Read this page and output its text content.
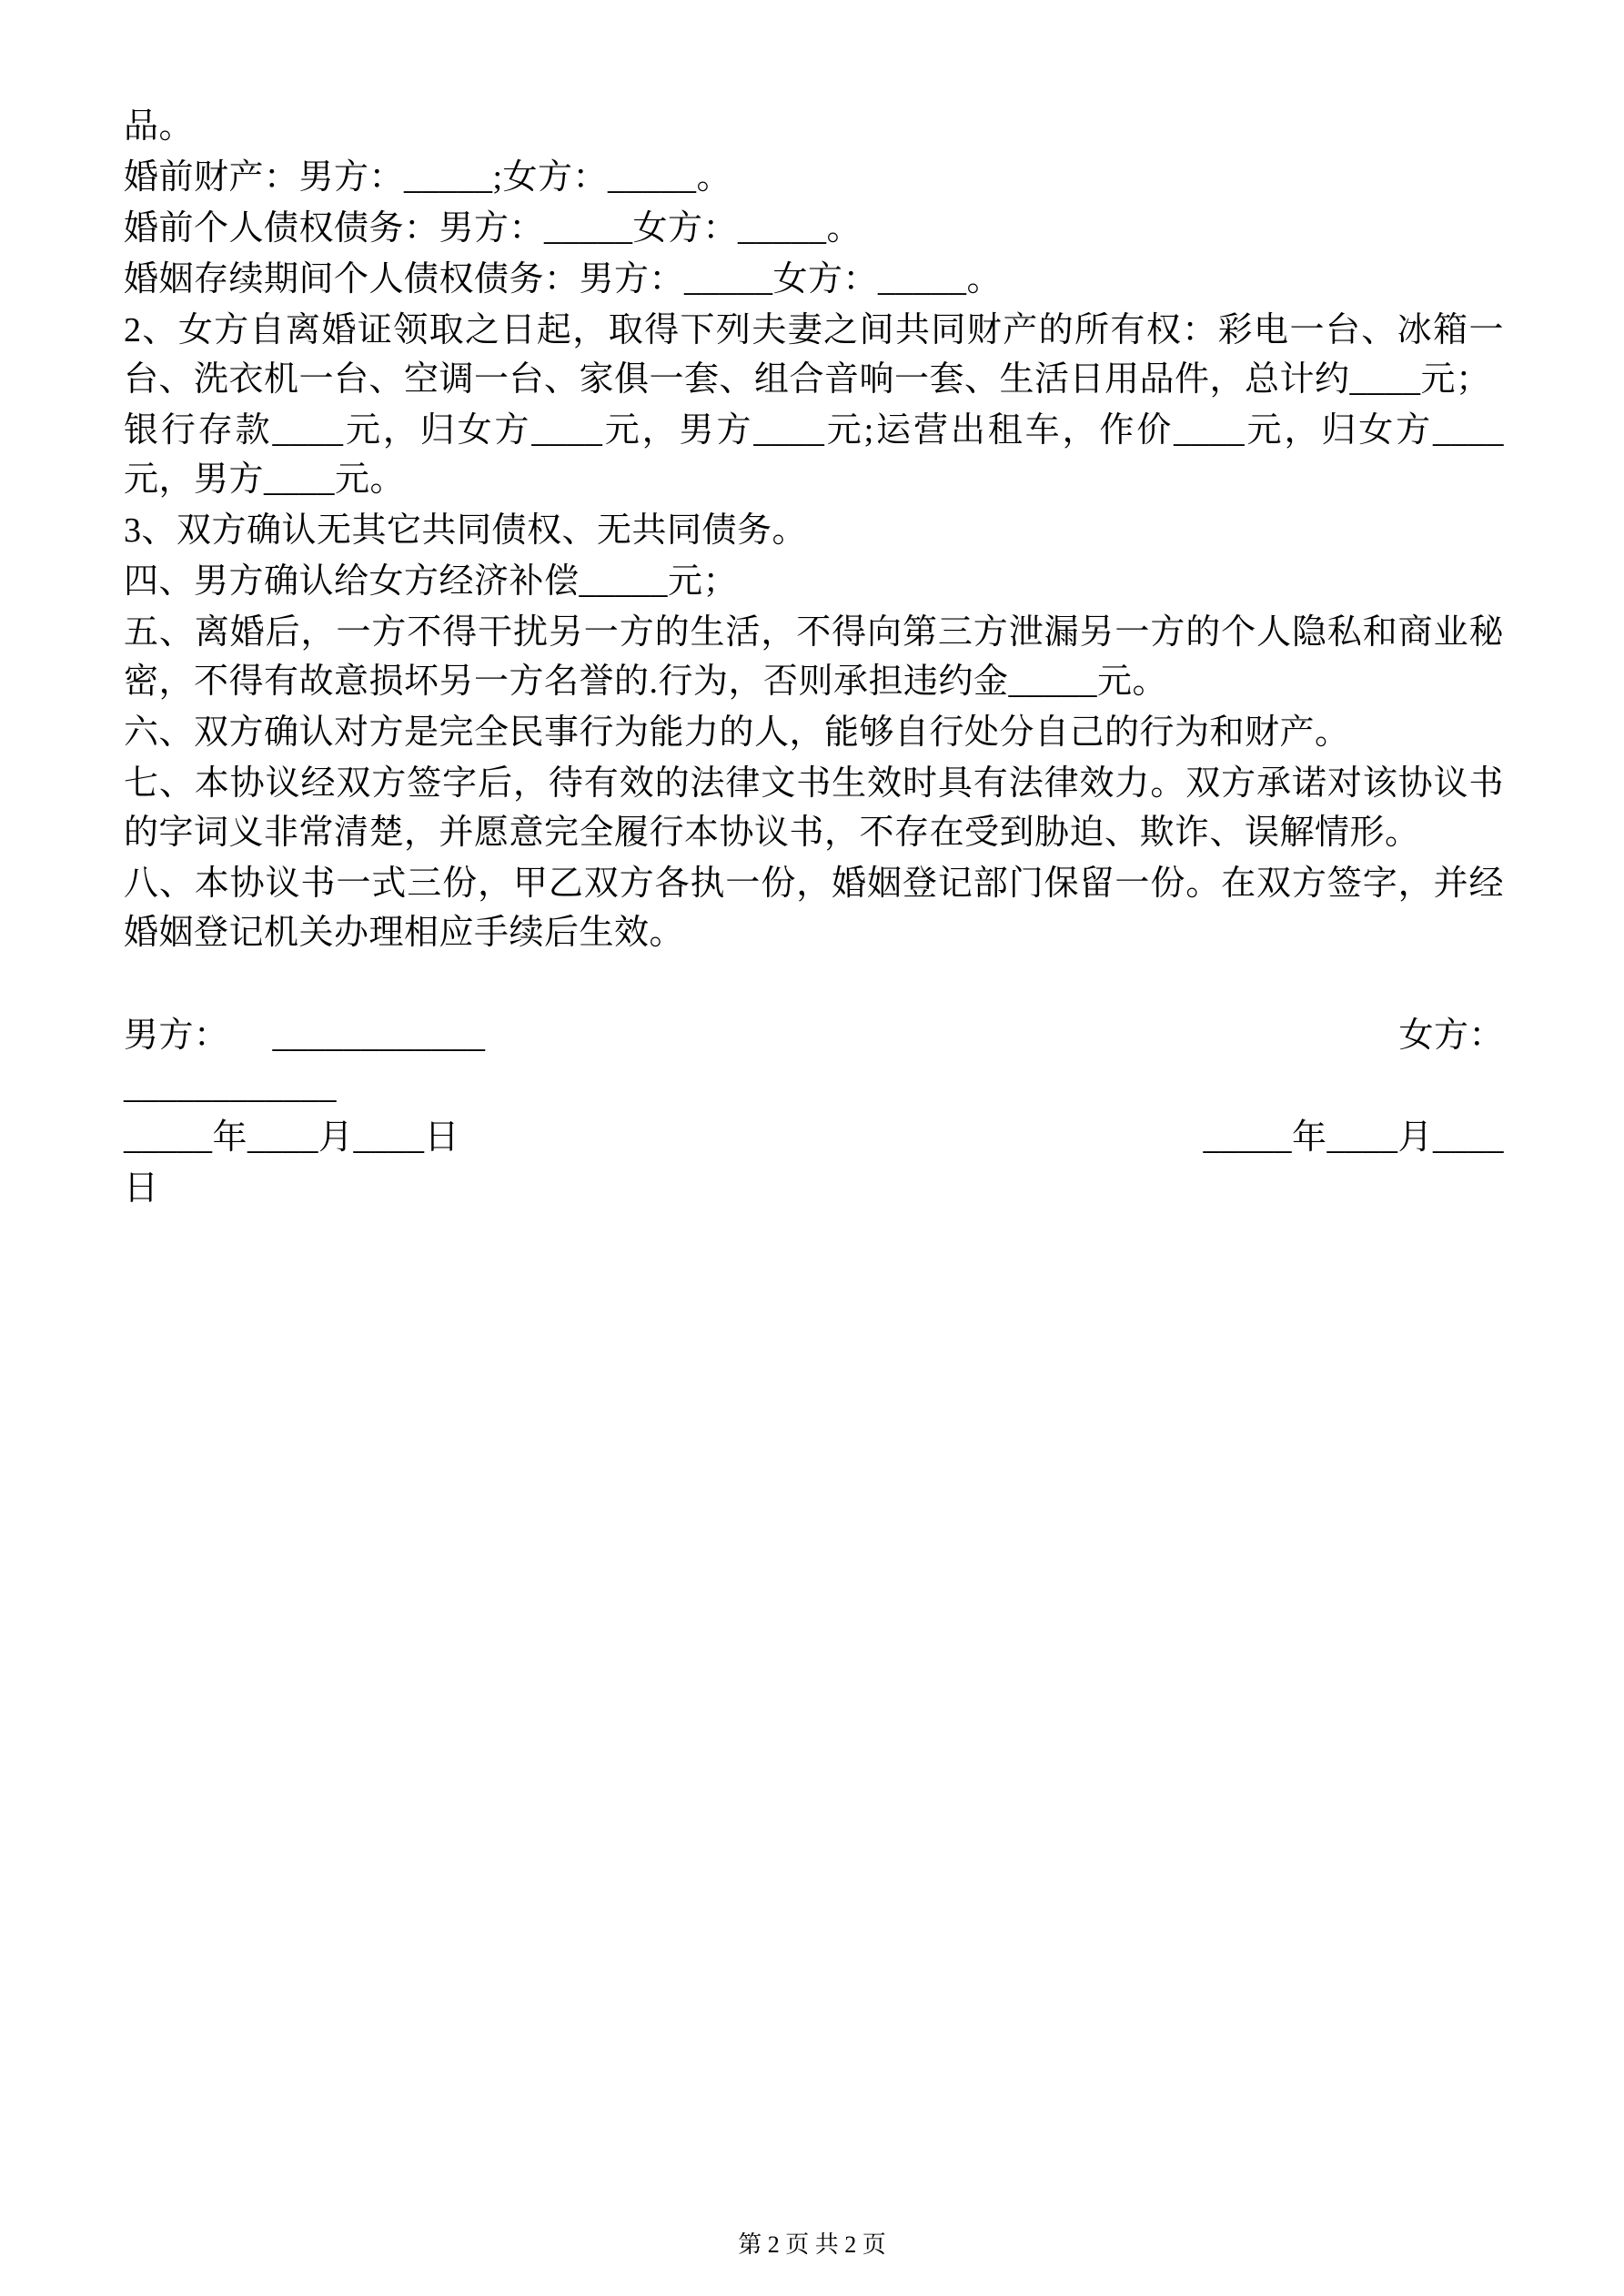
品。

婚前财产：男方：_____;女方：_____。

婚前个人债权债务：男方：_____女方：_____。

婚姻存续期间个人债权债务：男方：_____女方：_____。

2、女方自离婚证领取之日起，取得下列夫妻之间共同财产的所有权：彩电一台、冰箱一台、洗衣机一台、空调一台、家俱一套、组合音响一套、生活日用品件，总计约____元；

银行存款____元，归女方____元，男方____元;运营出租车，作价____元，归女方____元，男方____元。

3、双方确认无其它共同债权、无共同债务。

四、男方确认给女方经济补偿_____元；

五、离婚后，一方不得干扰另一方的生活，不得向第三方泄漏另一方的个人隐私和商业秘密，不得有故意损坏另一方名誉的.行为，否则承担违约金_____元。

六、双方确认对方是完全民事行为能力的人，能够自行处分自己的行为和财产。

七、本协议经双方签字后，待有效的法律文书生效时具有法律效力。双方承诺对该协议书的字词义非常清楚，并愿意完全履行本协议书，不存在受到胁迫、欺诈、误解情形。

八、本协议书一式三份，甲乙双方各执一份，婚姻登记部门保留一份。在双方签字，并经婚姻登记机关办理相应手续后生效。

男方： ____________	女方：
____________
_____年____月____日	_____年____月____
日
第 2 页 共 2 页
